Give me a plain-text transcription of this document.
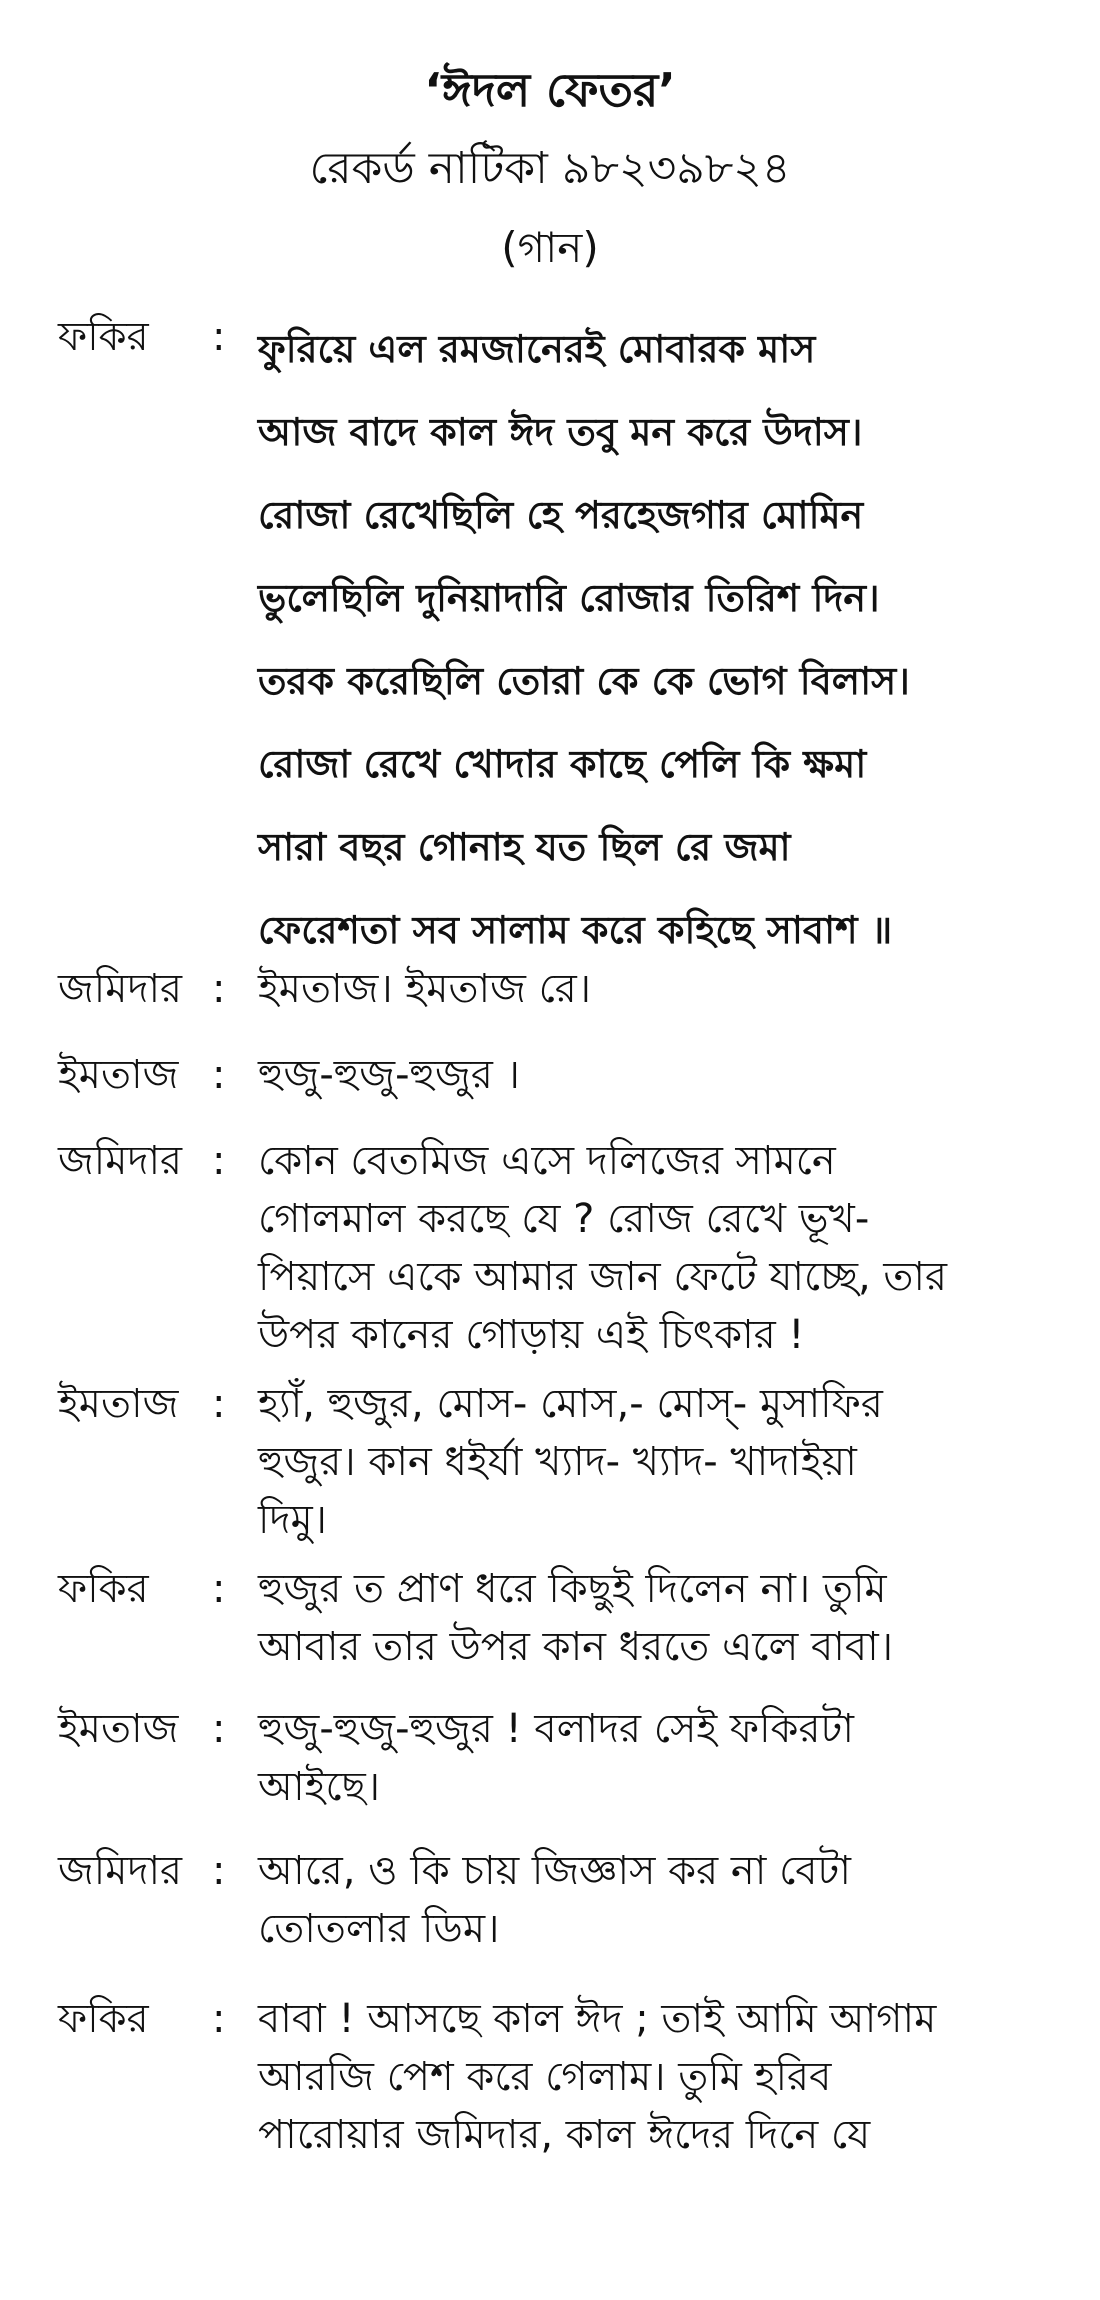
‘ঈদল ফেতর’
রেকর্ড নাটিকা ৯৮২৩৯৮২৪
(গান)
ফকির : ফুরিয়ে এল রমজানেরই মোবারক মাস
আজ বাদে কাল ঈদ তবু মন করে উদাস।
রোজা রেখেছিলি হে পরহেজগার মোমিন
ভুলেছিলি দুনিয়াদারি রোজার তিরিশ দিন।
তরক করেছিলি তোরা কে কে ভোগ বিলাস।
রোজা রেখে খোদার কাছে পেলি কি ক্ষমা
সারা বছর গোনাহ যত ছিল রে জমা
ফেরেশতা সব সালাম করে কহিছে সাবাশ ॥
জমিদার : ইমতাজ। ইমতাজ রে।
ইমতাজ : হুজু-হুজু-হুজুর ।
জমিদার : কোন বেতমিজ এসে দলিজের সামনে
গোলমাল করছে যে ? রোজ রেখে ভূখ-
পিয়াসে একে আমার জান ফেটে যাচ্ছে, তার
উপর কানের গোড়ায় এই চিৎকার !
ইমতাজ : হ্যাঁ, হুজুর, মোস- মোস,- মোস্- মুসাফির
হুজুর। কান ধইর্যা খ্যাদ- খ্যাদ- খাদাইয়া
দিমু।
ফকির : হুজুর ত প্রাণ ধরে কিছুই দিলেন না। তুমি
আবার তার উপর কান ধরতে এলে বাবা।
ইমতাজ : হুজু-হুজু-হুজুর ! বলাদর সেই ফকিরটা
আইছে।
জমিদার : আরে, ও কি চায় জিজ্ঞাস কর না বেটা
তোতলার ডিম।
ফকির : বাবা ! আসছে কাল ঈদ ; তাই আমি আগাম
আরজি পেশ করে গেলাম। তুমি হরিব
পারোয়ার জমিদার, কাল ঈদের দিনে যে
